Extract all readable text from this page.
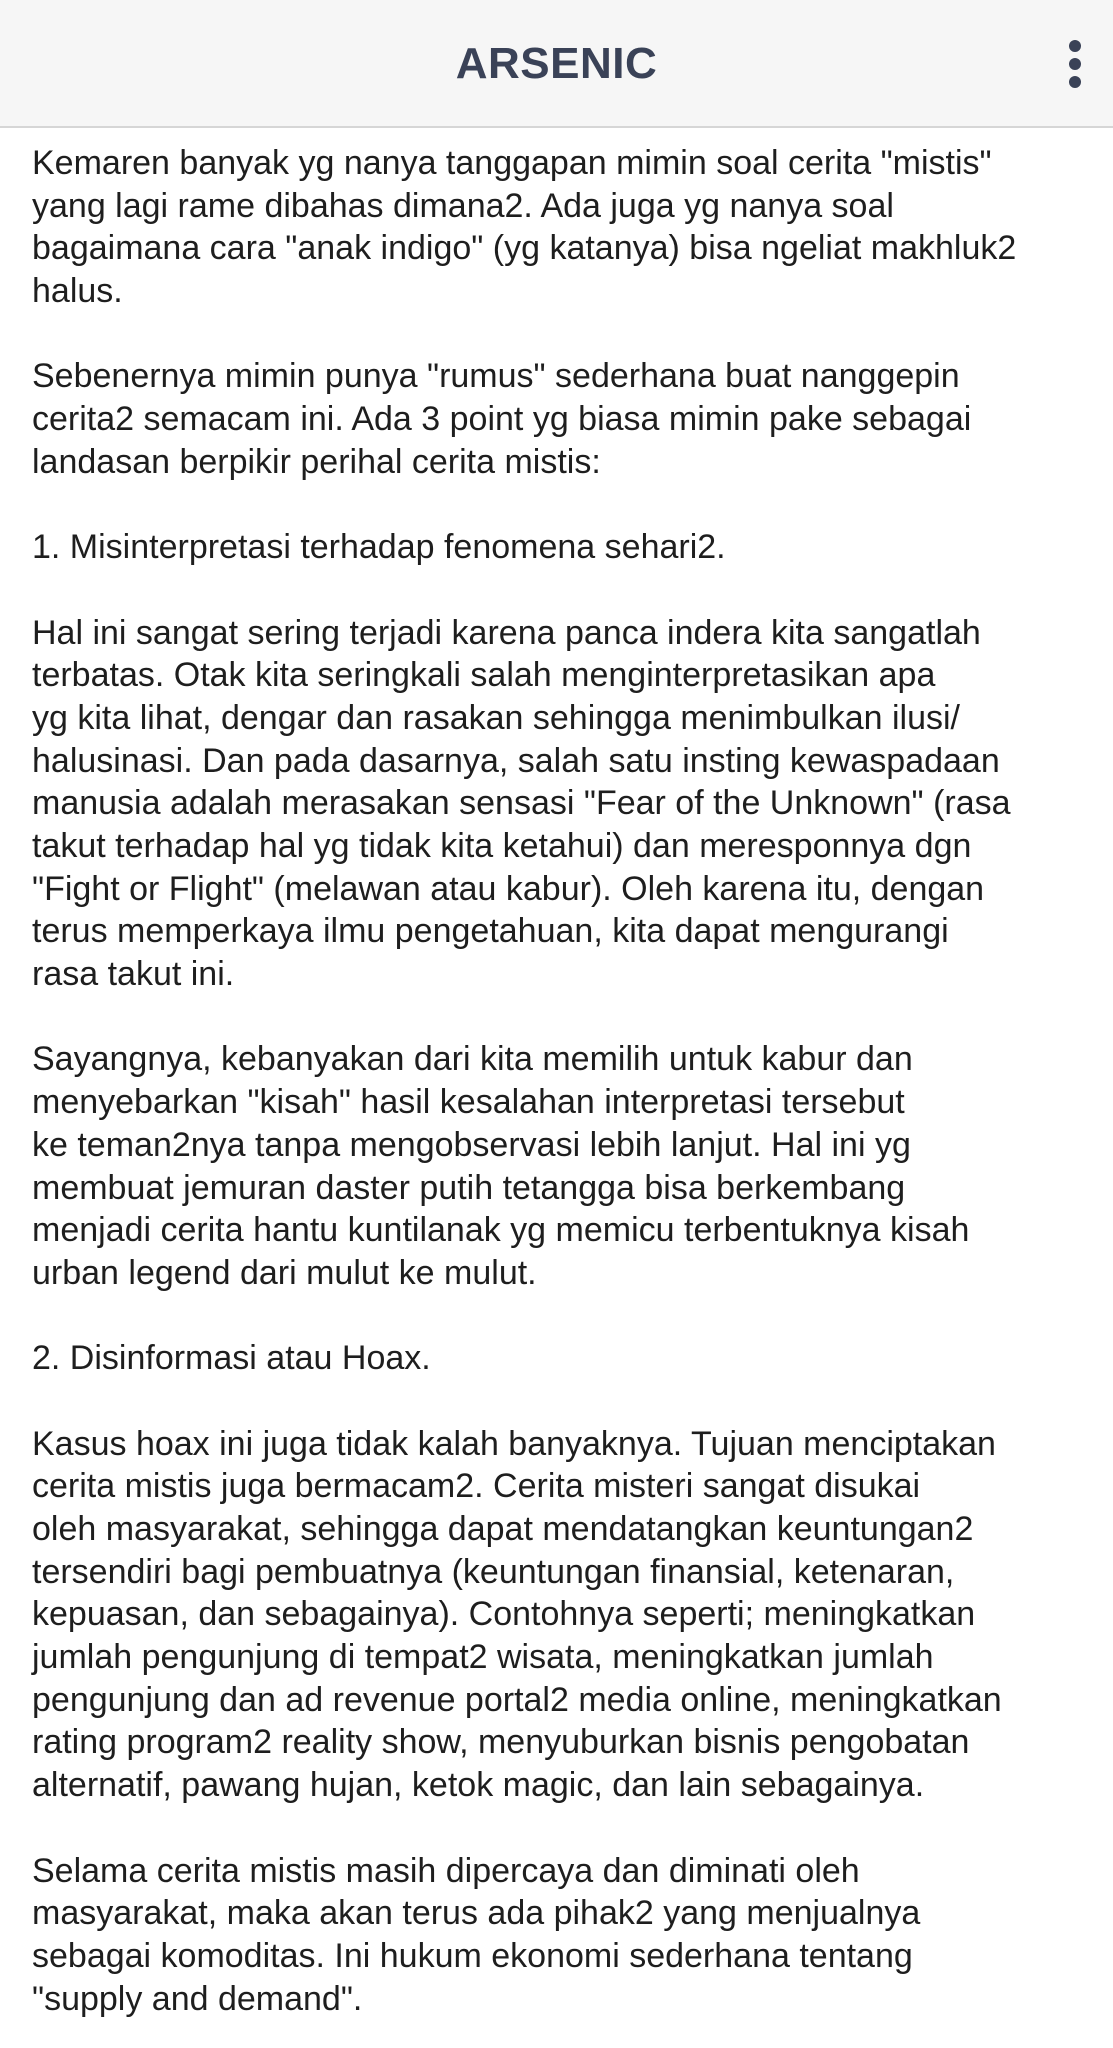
ARSENIC
Kemaren banyak yg nanya tanggapan mimin soal cerita "mistis"
yang lagi rame dibahas dimana2. Ada juga yg nanya soal
bagaimana cara "anak indigo" (yg katanya) bisa ngeliat makhluk2
halus.
Sebenernya mimin punya "rumus" sederhana buat nanggepin
cerita2 semacam ini. Ada 3 point yg biasa mimin pake sebagai
landasan berpikir perihal cerita mistis:
1. Misinterpretasi terhadap fenomena sehari2.
Hal ini sangat sering terjadi karena panca indera kita sangatlah
terbatas. Otak kita seringkali salah menginterpretasikan apa
yg kita lihat, dengar dan rasakan sehingga menimbulkan ilusi/
halusinasi. Dan pada dasarnya, salah satu insting kewaspadaan
manusia adalah merasakan sensasi "Fear of the Unknown" (rasa
takut terhadap hal yg tidak kita ketahui) dan meresponnya dgn
"Fight or Flight" (melawan atau kabur). Oleh karena itu, dengan
terus memperkaya ilmu pengetahuan, kita dapat mengurangi
rasa takut ini.
Sayangnya, kebanyakan dari kita memilih untuk kabur dan
menyebarkan "kisah" hasil kesalahan interpretasi tersebut
ke teman2nya tanpa mengobservasi lebih lanjut. Hal ini yg
membuat jemuran daster putih tetangga bisa berkembang
menjadi cerita hantu kuntilanak yg memicu terbentuknya kisah
urban legend dari mulut ke mulut.
2. Disinformasi atau Hoax.
Kasus hoax ini juga tidak kalah banyaknya. Tujuan menciptakan
cerita mistis juga bermacam2. Cerita misteri sangat disukai
oleh masyarakat, sehingga dapat mendatangkan keuntungan2
tersendiri bagi pembuatnya (keuntungan finansial, ketenaran,
kepuasan, dan sebagainya). Contohnya seperti; meningkatkan
jumlah pengunjung di tempat2 wisata, meningkatkan jumlah
pengunjung dan ad revenue portal2 media online, meningkatkan
rating program2 reality show, menyuburkan bisnis pengobatan
alternatif, pawang hujan, ketok magic, dan lain sebagainya.
Selama cerita mistis masih dipercaya dan diminati oleh
masyarakat, maka akan terus ada pihak2 yang menjualnya
sebagai komoditas. Ini hukum ekonomi sederhana tentang
"supply and demand".
